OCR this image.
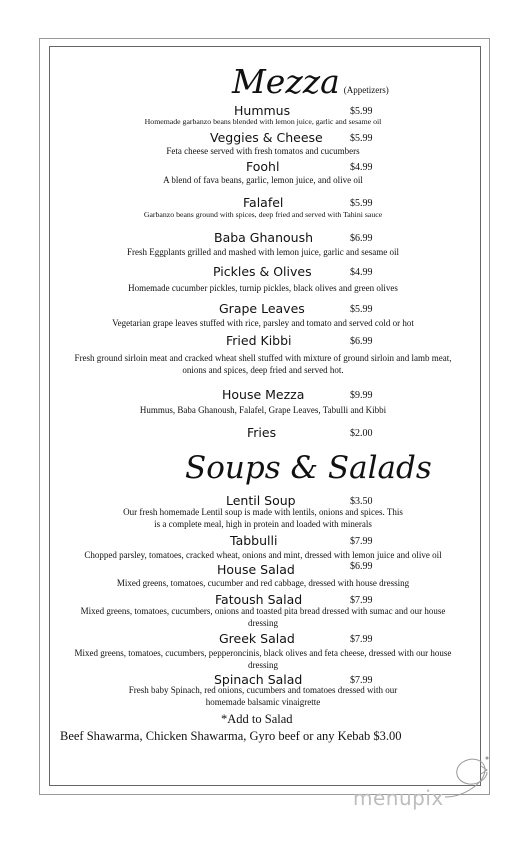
Mezza (Appetizers)
Hummus	$5.99
Homemade garbanzo beans blended with lemon juice, garlic and sesame oil
Veggies & Cheese	$5.99
Feta cheese served with fresh tomatos and cucumbers
Foohl	$4.99
A blend of fava beans, garlic, lemon juice, and olive oil
Falafel	$5.99
Garbanzo beans ground with spices, deep fried and served with Tahini sauce
Baba Ghanoush	$6.99
Fresh Eggplants grilled and mashed with lemon juice, garlic and sesame oil
Pickles & Olives	$4.99
Homemade cucumber pickles, turnip pickles, black olives and green olives
Grape Leaves	$5.99
Vegetarian grape leaves stuffed with rice, parsley and tomato and served cold or hot
Fried Kibbi	$6.99
Fresh ground sirloin meat and cracked wheat shell stuffed with mixture of ground sirloin and lamb meat, onions and spices, deep fried and served hot.
House Mezza	$9.99
Hummus, Baba Ghanoush, Falafel, Grape Leaves, Tabulli and Kibbi
Fries	$2.00
Soups & Salads
Lentil Soup	$3.50
Our fresh homemade Lentil soup is made with lentils, onions and spices. This is a complete meal, high in protein and loaded with minerals
Tabbulli	$7.99
Chopped parsley, tomatoes, cracked wheat, onions and mint, dressed with lemon juice and olive oil
House Salad	$6.99
Mixed greens, tomatoes, cucumber and red cabbage, dressed with house dressing
Fatoush Salad	$7.99
Mixed greens, tomatoes, cucumbers, onions and toasted pita bread dressed with sumac and our house dressing
Greek Salad	$7.99
Mixed greens, tomatoes, cucumbers, pepperoncinis, black olives and feta cheese, dressed with our house dressing
Spinach Salad	$7.99
Fresh baby Spinach, red onions, cucumbers and tomatoes dressed with our homemade balsamic vinaigrette
*Add to Salad
Beef Shawarma, Chicken Shawarma, Gyro beef or any Kebab $3.00
menupix
